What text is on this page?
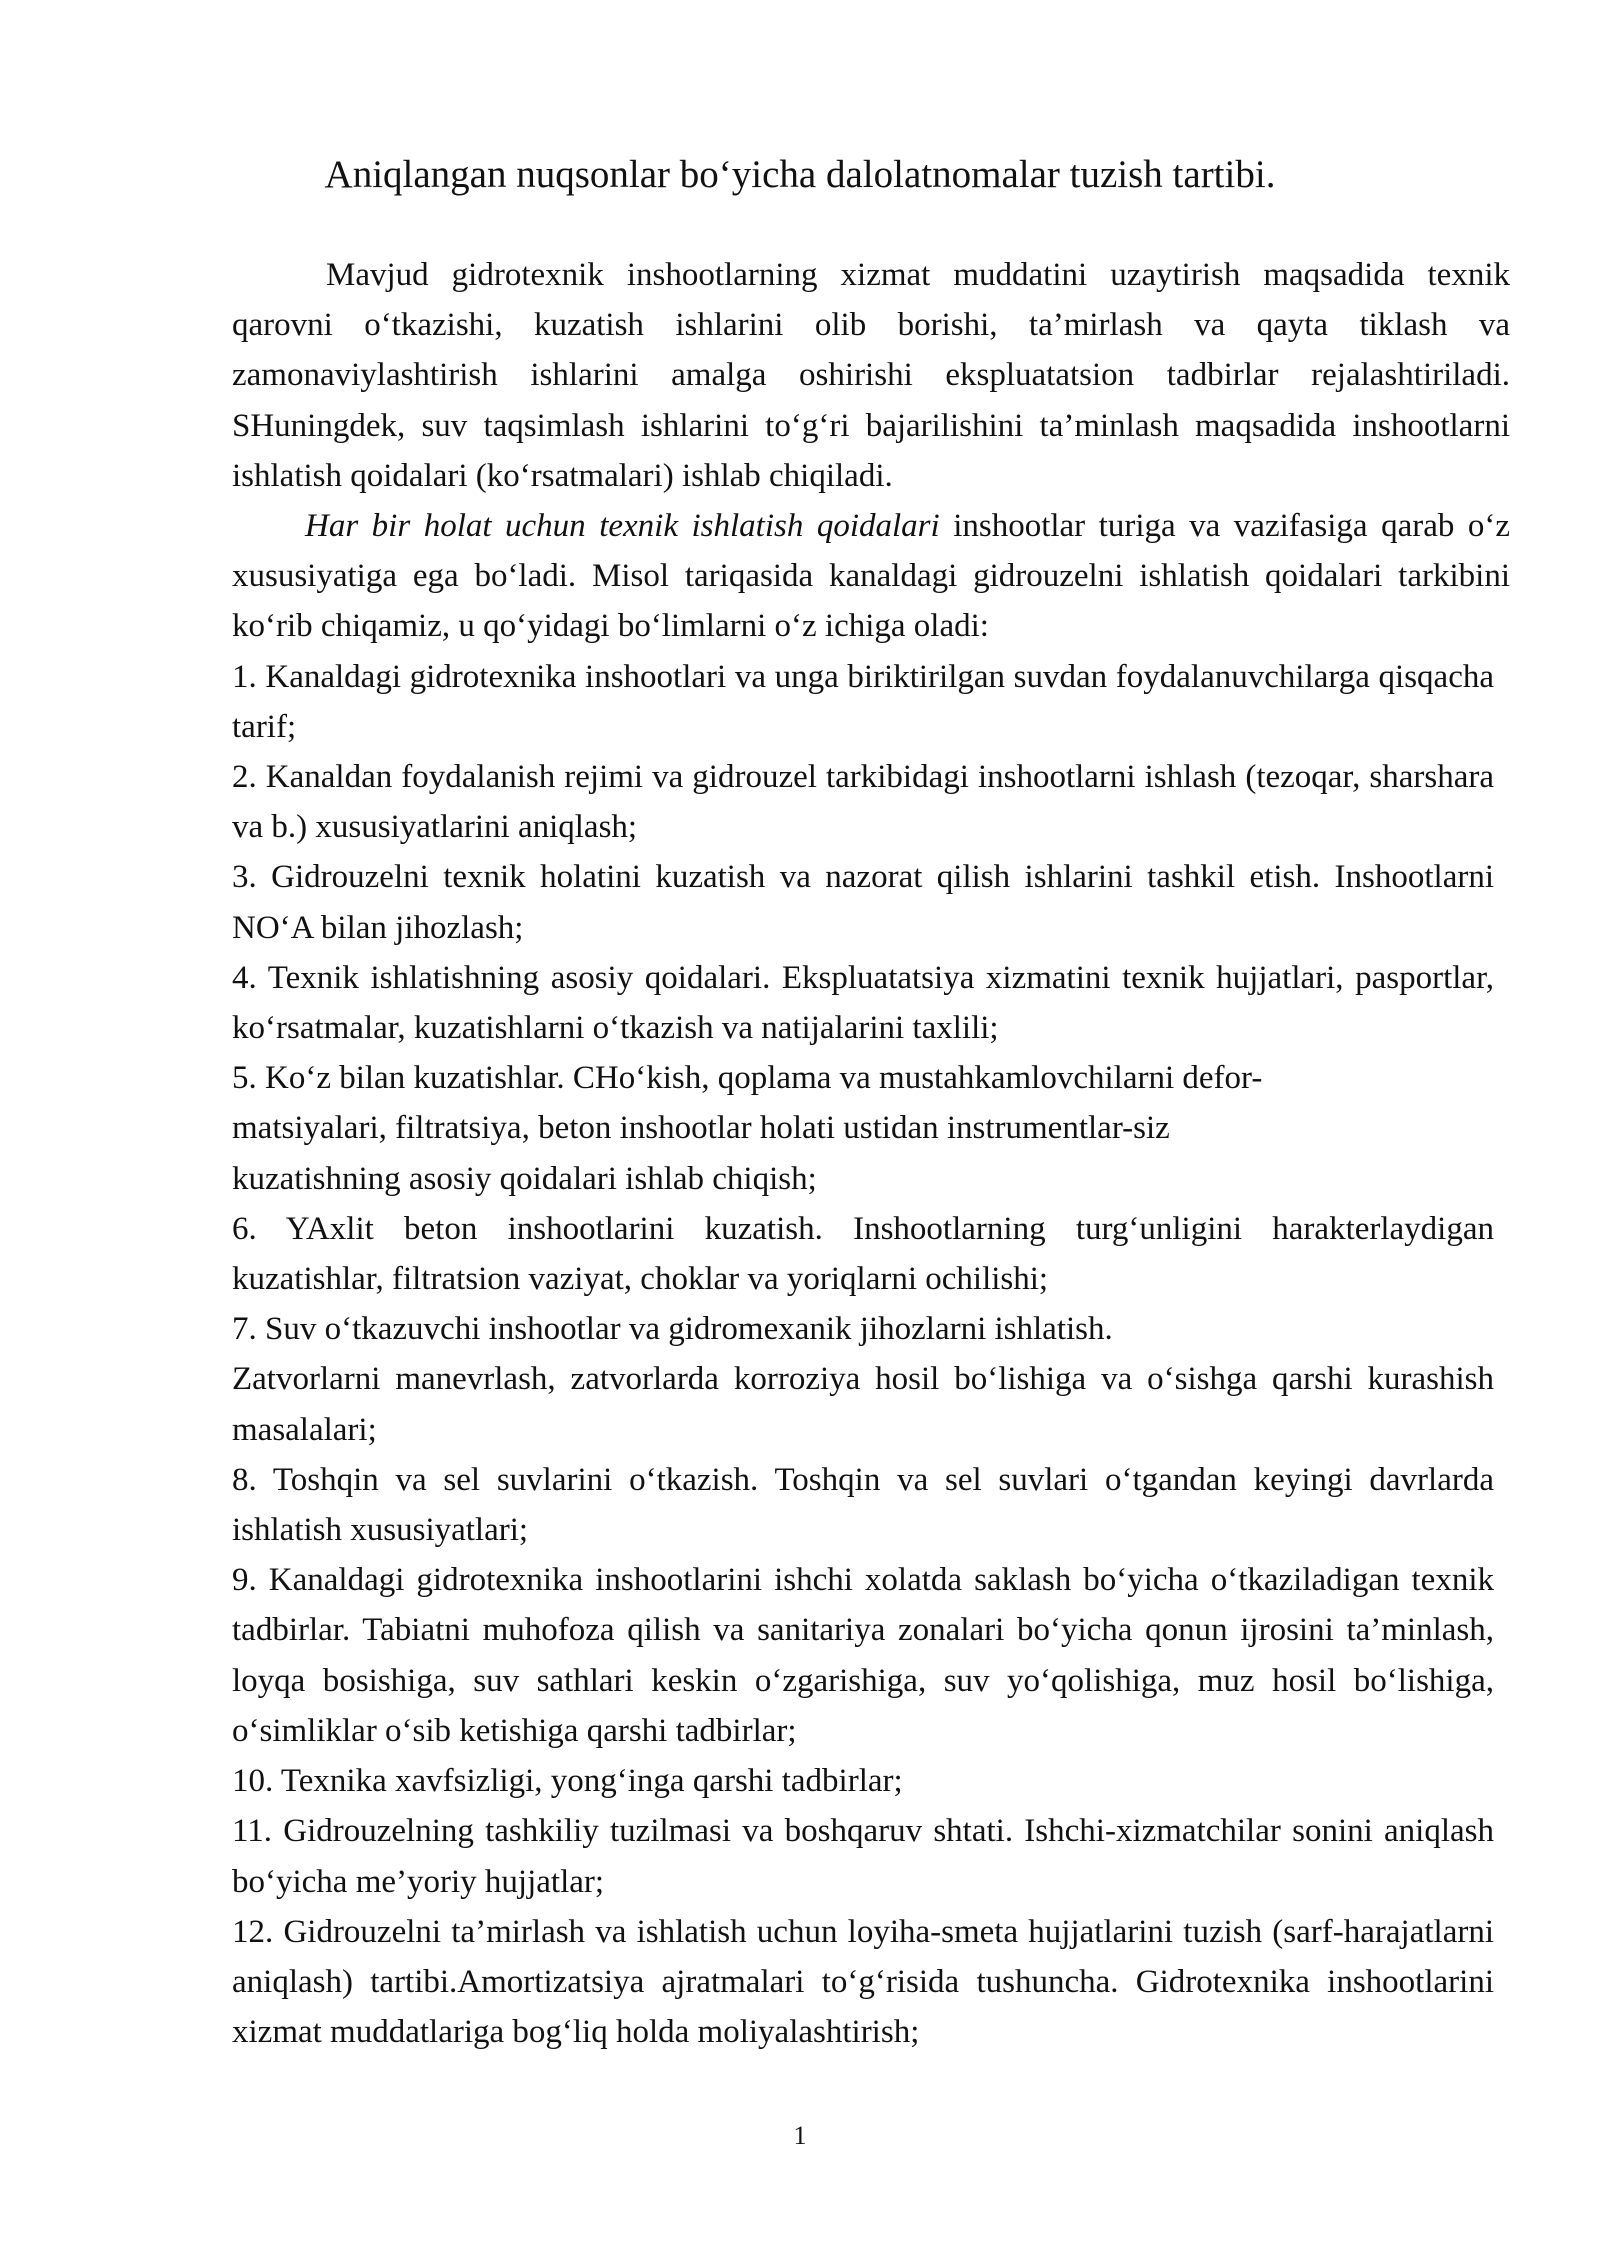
Aniqlangan nuqsonlar bo‘yicha dalolatnomalar tuzish tartibi.

Mavjud gidrotexnik inshootlarning xizmat muddatini uzaytirish maqsadida texnik qarovni o‘tkazishi, kuzatish ishlarini olib borishi, ta’mirlash va qayta tiklash va zamonaviylashtirish ishlarini amalga oshirishi ekspluatatsion tadbirlar rejalashtiriladi. SHuningdek, suv taqsimlash ishlarini to‘g‘ri bajarilishini ta’minlash maqsadida inshootlarni ishlatish qoidalari (ko‘rsatmalari) ishlab chiqiladi.

Har bir holat uchun texnik ishlatish qoidalari inshootlar turiga va vazifasiga qarab o‘z xususiyatiga ega bo‘ladi. Misol tariqasida kanaldagi gidrouzelni ishlatish qoidalari tarkibini ko‘rib chiqamiz, u qo‘yidagi bo‘limlarni o‘z ichiga oladi:

1. Kanaldagi gidrotexnika inshootlari va unga biriktirilgan suvdan foydalanuvchilarga qisqacha tarif;

2. Kanaldan foydalanish rejimi va gidrouzel tarkibidagi inshootlarni ishlash (tezoqar, sharshara va b.) xususiyatlarini aniqlash;

3. Gidrouzelni texnik holatini kuzatish va nazorat qilish ishlarini tashkil etish. Inshootlarni NO‘A bilan jihozlash;

4. Texnik ishlatishning asosiy qoidalari. Ekspluatatsiya xizmatini texnik hujjatlari, pasportlar, ko‘rsatmalar, kuzatishlarni o‘tkazish va natijalarini taxlili;

5. Ko‘z bilan kuzatishlar. CHo‘kish, qoplama va mustahkamlovchilarni defor-

matsiyalari, filtratsiya, beton inshootlar holati ustidan instrumentlar-siz

kuzatishning asosiy qoidalari ishlab chiqish;

6. YAxlit beton inshootlarini kuzatish. Inshootlarning turg‘unligini harakterlaydigan kuzatishlar, filtratsion vaziyat, choklar va yoriqlarni ochilishi;

7. Suv o‘tkazuvchi inshootlar va gidromexanik jihozlarni ishlatish.

Zatvorlarni manevrlash, zatvorlarda korroziya hosil bo‘lishiga va o‘sishga qarshi kurashish masalalari;

8. Toshqin va sel suvlarini o‘tkazish. Toshqin va sel suvlari o‘tgandan keyingi davrlarda ishlatish xususiyatlari;

9. Kanaldagi gidrotexnika inshootlarini ishchi xolatda saklash bo‘yicha o‘tkaziladigan texnik tadbirlar. Tabiatni muhofoza qilish va sanitariya zonalari bo‘yicha qonun ijrosini ta’minlash, loyqa bosishiga, suv sathlari keskin o‘zgarishiga, suv yo‘qolishiga, muz hosil bo‘lishiga, o‘simliklar o‘sib ketishiga qarshi tadbirlar;

10. Texnika xavfsizligi, yong‘inga qarshi tadbirlar;

11. Gidrouzelning tashkiliy tuzilmasi va boshqaruv shtati. Ishchi-xizmatchilar sonini aniqlash bo‘yicha me’yoriy hujjatlar;

12. Gidrouzelni ta’mirlash va ishlatish uchun loyiha-smeta hujjatlarini tuzish (sarf-harajatlarni aniqlash) tartibi.Amortizatsiya ajratmalari to‘g‘risida tushuncha. Gidrotexnika inshootlarini xizmat muddatlariga bog‘liq holda moliyalashtirish;

1
